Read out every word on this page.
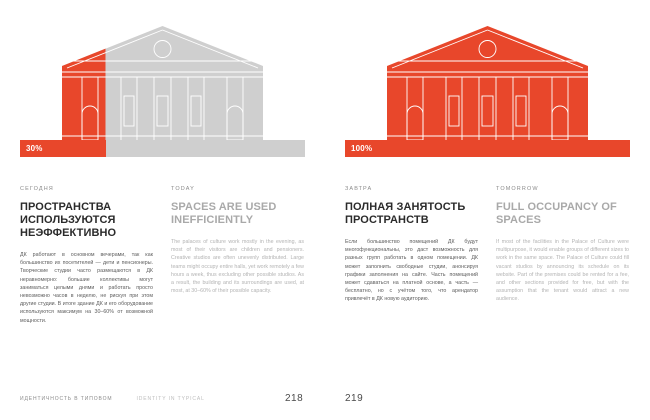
30%
СЕГОДНЯ
ПРОСТРАНСТВА ИСПОЛЬЗУЮТСЯ НЕЭФФЕКТИВНО

ДК работают в основном вечерами, так как большинство их посетителей — дети и пенсионеры. Творческие студии часто размещаются в ДК неравномерно: большие коллективы могут заниматься целыми днями и работать просто невозможно часов в неделю, не рискуя при этом другие студии. В итоге здание ДК и его оборудование используются максимум на 30–60% от возможной мощности.

TODAY
SPACES ARE USED INEFFICIENTLY

The palaces of culture work mostly in the evening, as most of their visitors are children and pensioners. Creative studios are often unevenly distributed. Large teams might occupy entire halls, yet work remotely a few hours a week, thus excluding other possible studios. As a result, the building and its surroundings are used, at most, at 30–60% of their possible capacity.

ИДЕНТИЧНОСТЬ В ТИПОВОМ	IDENTITY IN TYPICAL
100%
ЗАВТРА
ПОЛНАЯ ЗАНЯТОСТЬ ПРОСТРАНСТВ

Если большинство помещений ДК будут многофункциональны, это даст возможность для разных групп работать в одном помещении. ДК может заполнить свободные студии, анонсируя графики заполнения на сайте. Часть помещений может сдаваться на платной основе, а часть — бесплатно, но с учётом того, что арендатор привлечёт в ДК новую аудиторию.

TOMORROW
FULL OCCUPANCY OF SPACES

If most of the facilities in the Palace of Culture were multipurpose, it would enable groups of different sizes to work in the same space. The Palace of Culture could fill vacant studios by announcing its schedule on its website. Part of the premises could be rented for a fee, and other sections provided for free, but with the assumption that the tenant would attract a new audience.

218	219
